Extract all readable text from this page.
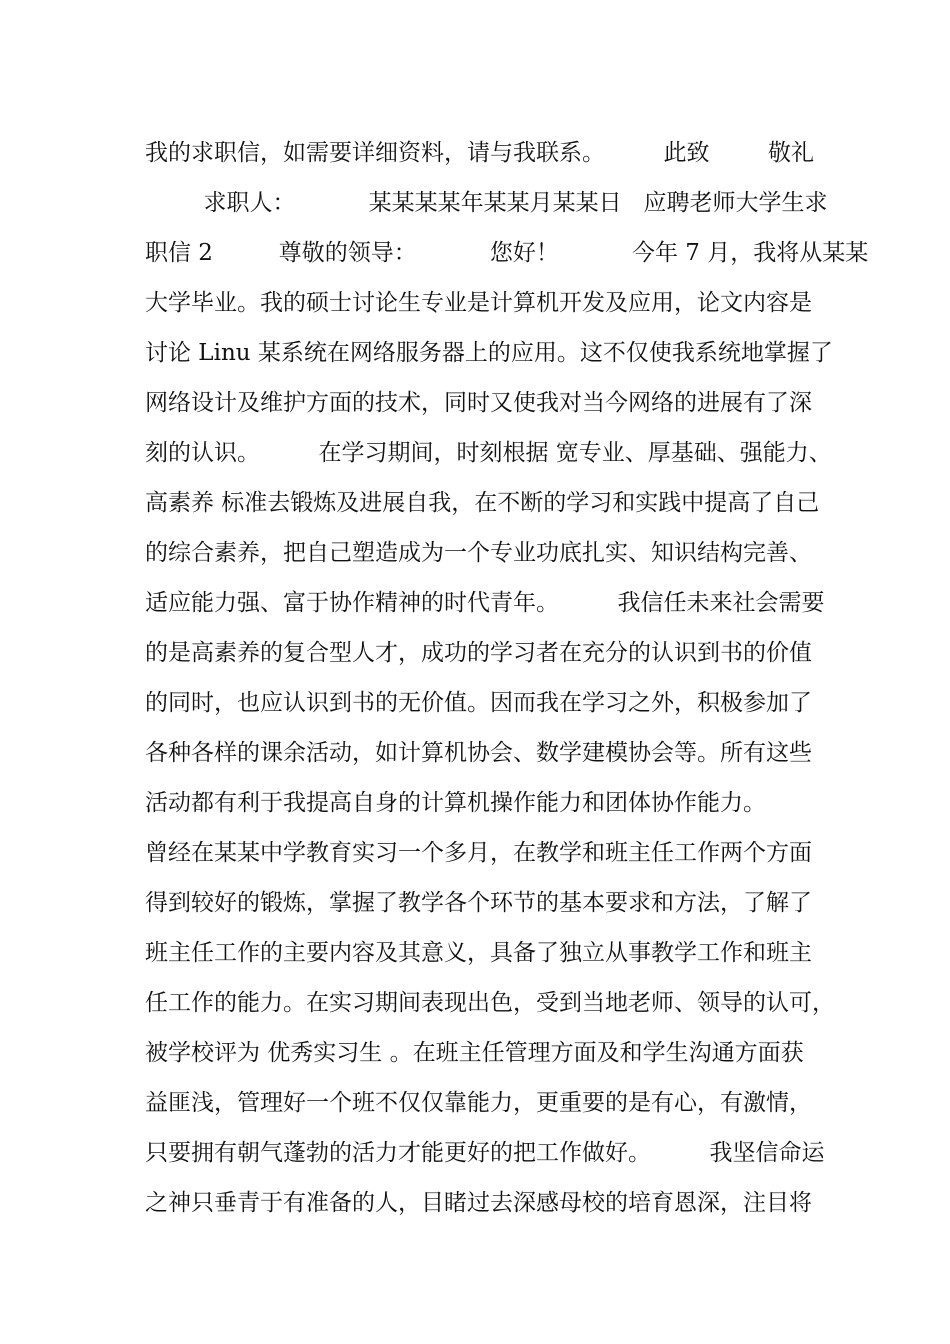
我的求职信，如需要详细资料，请与我联系。        此致        敬礼
求职人：          某某某某年某某月某某日   应聘老师大学生求
职信 2         尊敬的领导：          您好！          今年 7 月，我将从某某
大学毕业。我的硕士讨论生专业是计算机开发及应用，论文内容是
讨论 Linu 某系统在网络服务器上的应用。这不仅使我系统地掌握了
网络设计及维护方面的技术，同时又使我对当今网络的进展有了深
刻的认识。        在学习期间，时刻根据 宽专业、厚基础、强能力、
高素养 标准去锻炼及进展自我，在不断的学习和实践中提高了自己
的综合素养，把自己塑造成为一个专业功底扎实、知识结构完善、
适应能力强、富于协作精神的时代青年。        我信任未来社会需要
的是高素养的复合型人才，成功的学习者在充分的认识到书的价值
的同时，也应认识到书的无价值。因而我在学习之外，积极参加了
各种各样的课余活动，如计算机协会、数学建模协会等。所有这些
活动都有利于我提高自身的计算机操作能力和团体协作能力。
曾经在某某中学教育实习一个多月，在教学和班主任工作两个方面
得到较好的锻炼，掌握了教学各个环节的基本要求和方法，了解了
班主任工作的主要内容及其意义，具备了独立从事教学工作和班主
任工作的能力。在实习期间表现出色，受到当地老师、领导的认可，
被学校评为 优秀实习生 。在班主任管理方面及和学生沟通方面获
益匪浅，管理好一个班不仅仅靠能力，更重要的是有心，有激情，
只要拥有朝气蓬勃的活力才能更好的把工作做好。        我坚信命运
之神只垂青于有准备的人，目睹过去深感母校的培育恩深，注目将
